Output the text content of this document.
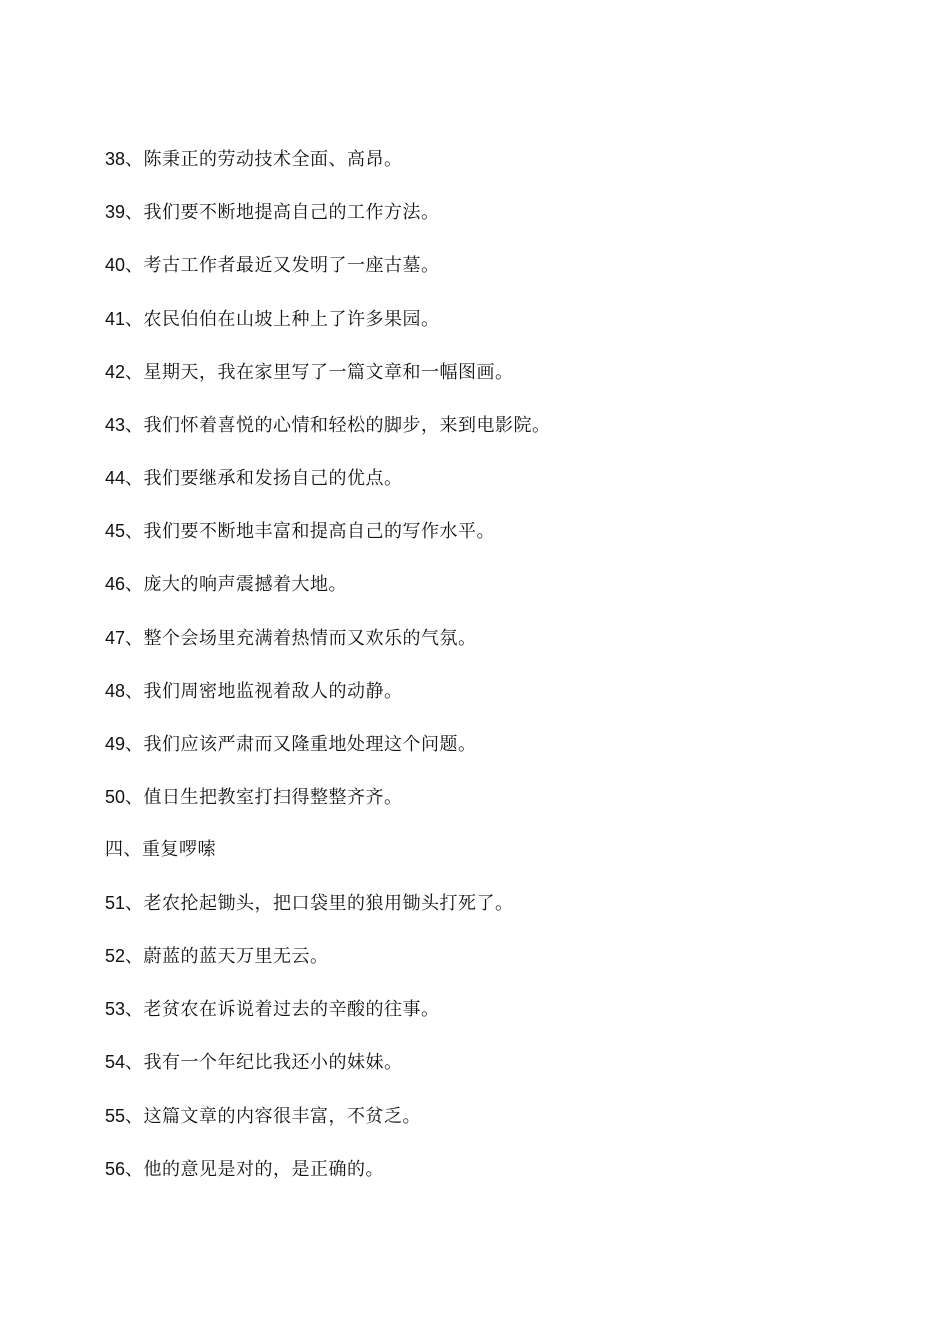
38、陈秉正的劳动技术全面、高昂。
39、我们要不断地提高自己的工作方法。
40、考古工作者最近又发明了一座古墓。
41、农民伯伯在山坡上种上了许多果园。
42、星期天，我在家里写了一篇文章和一幅图画。
43、我们怀着喜悦的心情和轻松的脚步，来到电影院。
44、我们要继承和发扬自己的优点。
45、我们要不断地丰富和提高自己的写作水平。
46、庞大的响声震撼着大地。
47、整个会场里充满着热情而又欢乐的气氛。
48、我们周密地监视着敌人的动静。
49、我们应该严肃而又隆重地处理这个问题。
50、值日生把教室打扫得整整齐齐。
四、重复啰嗦
51、老农抡起锄头，把口袋里的狼用锄头打死了。
52、蔚蓝的蓝天万里无云。
53、老贫农在诉说着过去的辛酸的往事。
54、我有一个年纪比我还小的妹妹。
55、这篇文章的内容很丰富，不贫乏。
56、他的意见是对的，是正确的。
